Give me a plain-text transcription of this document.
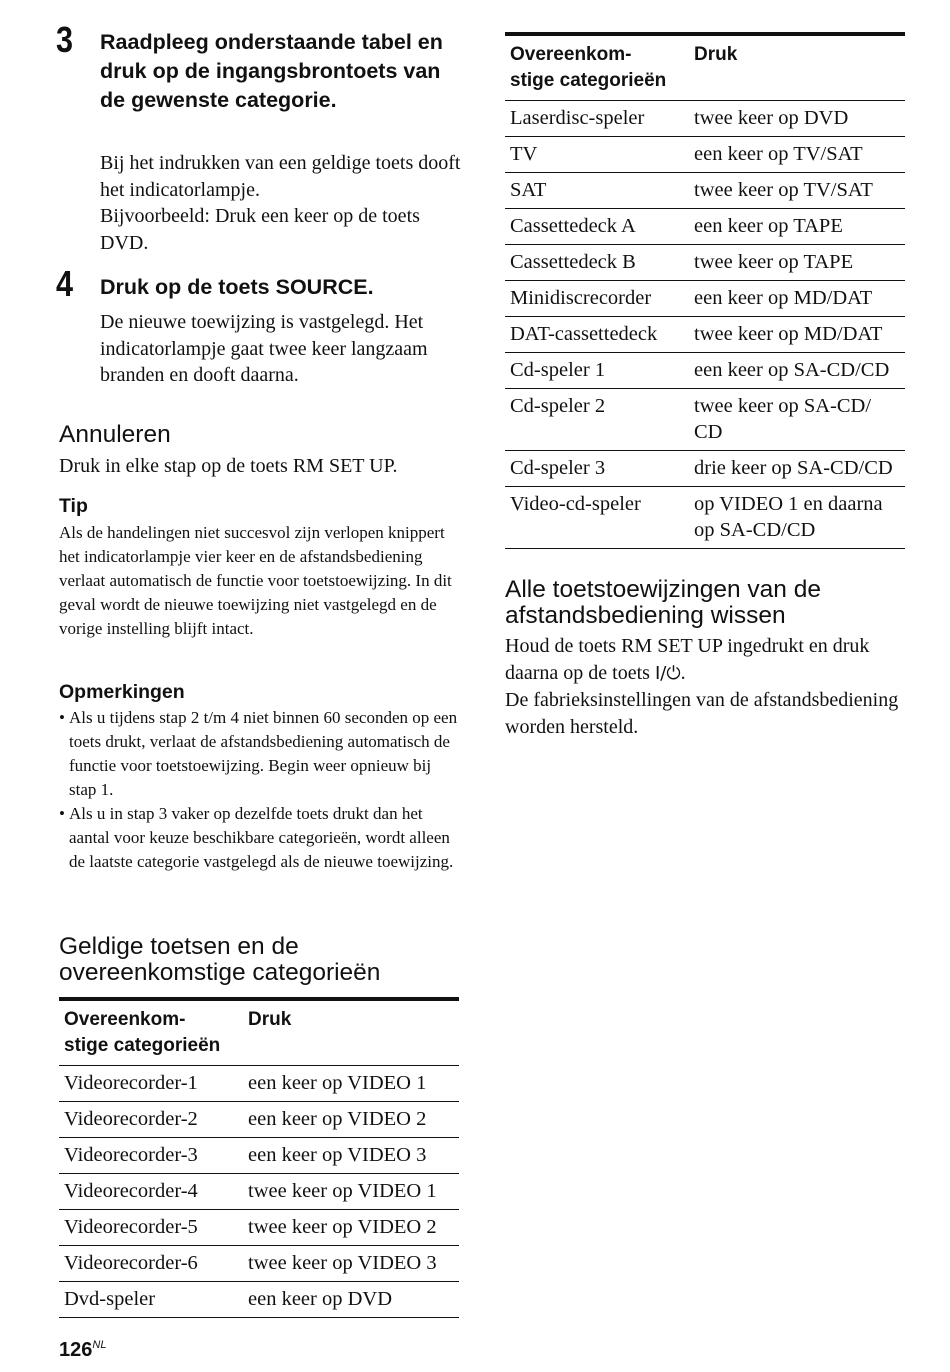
3 Raadpleeg onderstaande tabel en druk op de ingangsbrontoets van de gewenste categorie.
Bij het indrukken van een geldige toets dooft het indicatorlampje.
Bijvoorbeeld: Druk een keer op de toets DVD.
4 Druk op de toets SOURCE.
De nieuwe toewijzing is vastgelegd. Het indicatorlampje gaat twee keer langzaam branden en dooft daarna.
Annuleren
Druk in elke stap op de toets RM SET UP.
Tip
Als de handelingen niet succesvol zijn verlopen knippert het indicatorlampje vier keer en de afstandsbediening verlaat automatisch de functie voor toetstoewijzing. In dit geval wordt de nieuwe toewijzing niet vastgelegd en de vorige instelling blijft intact.
Opmerkingen
• Als u tijdens stap 2 t/m 4 niet binnen 60 seconden op een toets drukt, verlaat de afstandsbediening automatisch de functie voor toetstoewijzing. Begin weer opnieuw bij stap 1.
• Als u in stap 3 vaker op dezelfde toets drukt dan het aantal voor keuze beschikbare categorieën, wordt alleen de laatste categorie vastgelegd als de nieuwe toewijzing.
Geldige toetsen en de
overeenkomstige categorieën
Overeenkom-
stige categorieën	Druk
Videorecorder-1	een keer op VIDEO 1
Videorecorder-2	een keer op VIDEO 2
Videorecorder-3	een keer op VIDEO 3
Videorecorder-4	twee keer op VIDEO 1
Videorecorder-5	twee keer op VIDEO 2
Videorecorder-6	twee keer op VIDEO 3
Dvd-speler	een keer op DVD
Overeenkom-
stige categorieën	Druk
Laserdisc-speler	twee keer op DVD
TV	een keer op TV/SAT
SAT	twee keer op TV/SAT
Cassettedeck A	een keer op TAPE
Cassettedeck B	twee keer op TAPE
Minidiscrecorder	een keer op MD/DAT
DAT-cassettedeck	twee keer op MD/DAT
Cd-speler 1	een keer op SA-CD/CD
Cd-speler 2	twee keer op SA-CD/ CD
Cd-speler 3	drie keer op SA-CD/CD
Video-cd-speler	op VIDEO 1 en daarna op SA-CD/CD
Alle toetstoewijzingen van de
afstandsbediening wissen
Houd de toets RM SET UP ingedrukt en druk daarna op de toets I/⏻.
De fabrieksinstellingen van de afstandsbediening worden hersteld.
$126^{NL}$
